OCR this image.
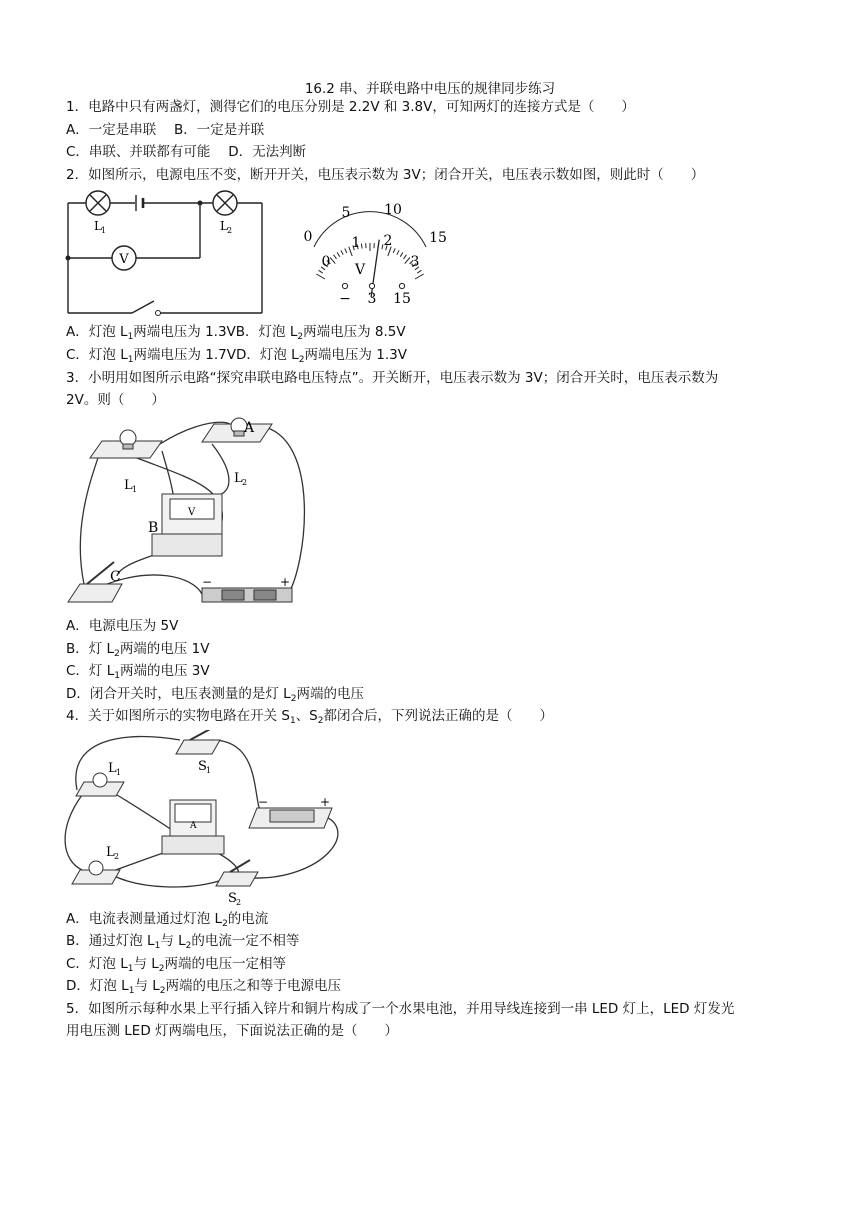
16.2 串、并联电路中电压的规律同步练习
1．电路中只有两盏灯，测得它们的电压分别是 2.2V 和 3.8V，可知两灯的连接方式是（　　）
A．一定是串联　 B．一定是并联
C．串联、并联都有可能　 D．无法判断
2．如图所示，电源电压不变，断开开关，电压表示数为 3V；闭合开关，电压表示数如图，则此时（　　）
V
L 1	L 2	0
5 10
15
0
1 2
3
V
− 3 15
A．灯泡 $L_1$两端电压为 1.3VB．灯泡 $L_2$两端电压为 8.5V
C．灯泡 $L_1$两端电压为 1.7VD．灯泡 $L_2$两端电压为 1.3V
3．小明用如图所示电路“探究串联电路电压特点”。开关断开，电压表示数为 3V；闭合开关时，电压表示数为
2V。则（　　）
A
B
C
L 1
L 2
V
−	+
A．电源电压为 5V
B．灯 $L_2$两端的电压 1V
C．灯 $L_1$两端的电压 3V
D．闭合开关时，电压表测量的是灯 $L_2$两端的电压
4．关于如图所示的实物电路在开关 $S_1$、$S_2$都闭合后，下列说法正确的是（　　）
S 1
L 1
L 2
S 2
A
−	+
A．电流表测量通过灯泡 $L_2$的电流
B．通过灯泡 $L_1$与 $L_2$的电流一定不相等
C．灯泡 $L_1$与 $L_2$两端的电压一定相等
D．灯泡 $L_1$与 $L_2$两端的电压之和等于电源电压
5．如图所示每种水果上平行插入锌片和铜片构成了一个水果电池，并用导线连接到一串 LED 灯上，LED 灯发光
用电压测 LED 灯两端电压，下面说法正确的是（　　）
